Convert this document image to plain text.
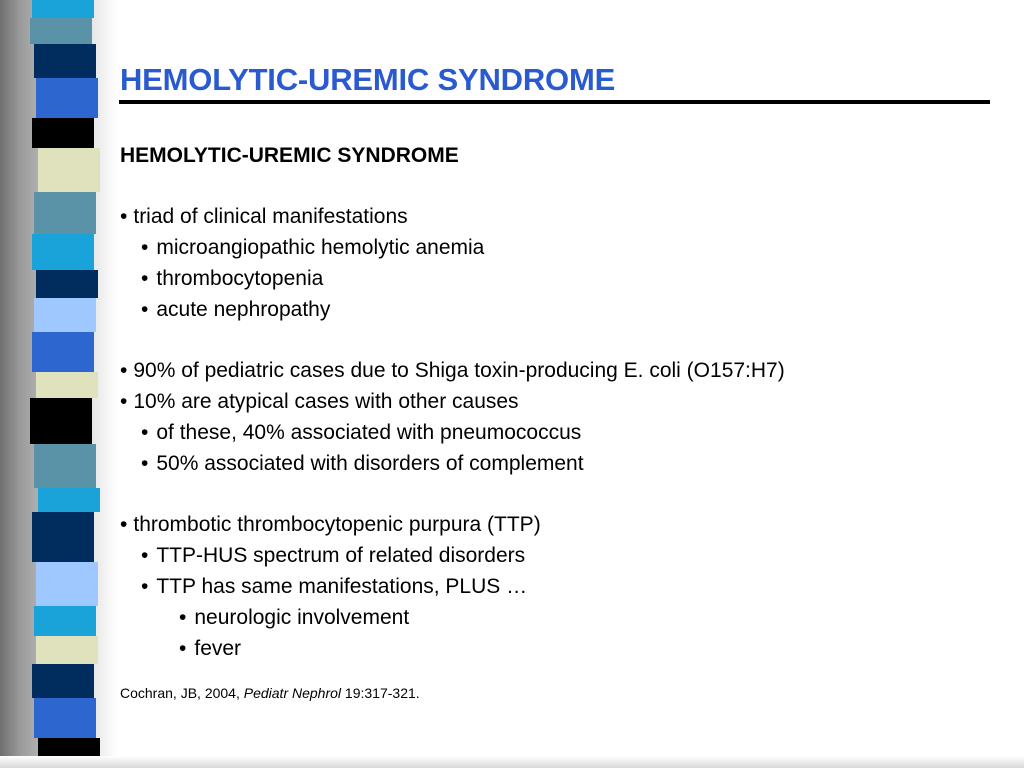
HEMOLYTIC-UREMIC SYNDROME
HEMOLYTIC-UREMIC SYNDROME
• triad of clinical manifestations
• microangiopathic hemolytic anemia
• thrombocytopenia
• acute nephropathy
• 90% of pediatric cases due to Shiga toxin-producing E. coli (O157:H7)
• 10% are atypical cases with other causes
• of these, 40% associated with pneumococcus
• 50% associated with disorders of complement
• thrombotic thrombocytopenic purpura (TTP)
• TTP-HUS spectrum of related disorders
• TTP has same manifestations, PLUS …
• neurologic involvement
• fever
Cochran, JB, 2004, Pediatr Nephrol 19:317-321.
